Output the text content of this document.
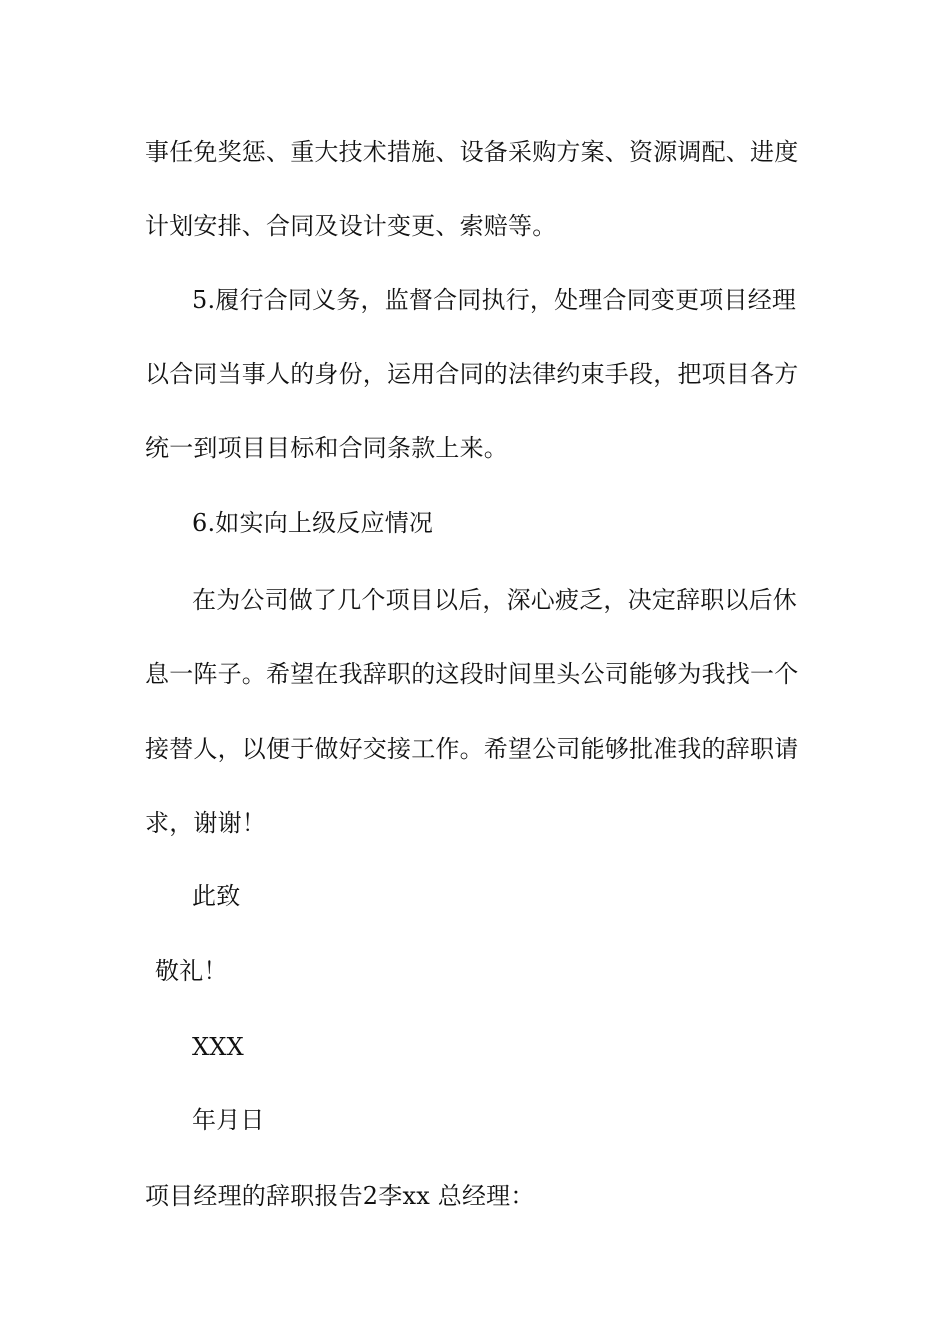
事任免奖惩、重大技术措施、设备采购方案、资源调配、进度
计划安排、合同及设计变更、索赔等。
5.履行合同义务，监督合同执行，处理合同变更项目经理
以合同当事人的身份，运用合同的法律约束手段，把项目各方
统一到项目目标和合同条款上来。
6.如实向上级反应情况
在为公司做了几个项目以后，深心疲乏，决定辞职以后休
息一阵子。希望在我辞职的这段时间里头公司能够为我找一个
接替人，以便于做好交接工作。希望公司能够批准我的辞职请
求，谢谢！
此致
敬礼！
XXX
年月日
项目经理的辞职报告2李xx 总经理：
